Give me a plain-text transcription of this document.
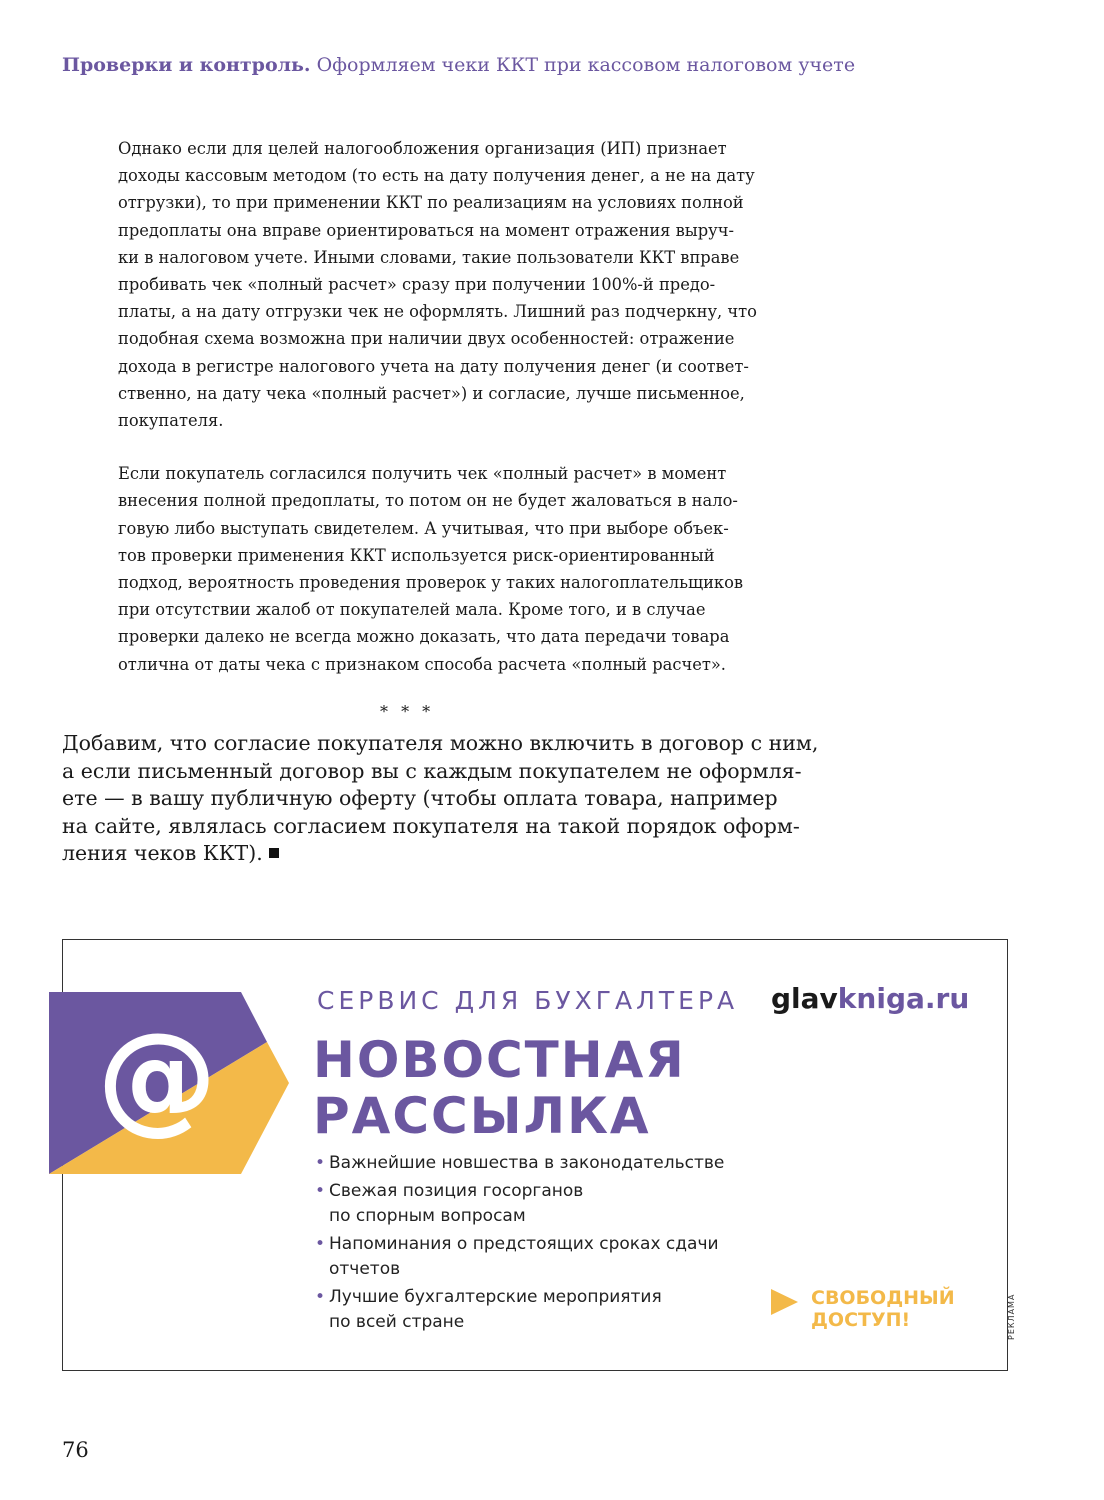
Проверки и контроль. Оформляем чеки ККТ при кассовом налоговом учете

Однако если для целей налогообложения организация (ИП) признает

доходы кассовым методом (то есть на дату получения денег, а не на дату

отгрузки), то при применении ККТ по реализациям на условиях полной

предоплаты она вправе ориентироваться на момент отражения выруч-

ки в налоговом учете. Иными словами, такие пользователи ККТ вправе

пробивать чек «полный расчет» сразу при получении 100%-й предо-

платы, а на дату отгрузки чек не оформлять. Лишний раз подчеркну, что

подобная схема возможна при наличии двух особенностей: отражение

дохода в регистре налогового учета на дату получения денег (и соответ-

ственно, на дату чека «полный расчет») и согласие, лучше письменное,

покупателя.

Если покупатель согласился получить чек «полный расчет» в момент

внесения полной предоплаты, то потом он не будет жаловаться в нало-

говую либо выступать свидетелем. А учитывая, что при выборе объек-

тов проверки применения ККТ используется риск-ориентированный

подход, вероятность проведения проверок у таких налогоплательщиков

при отсутствии жалоб от покупателей мала. Кроме того, и в случае

проверки далеко не всегда можно доказать, что дата передачи товара

отлична от даты чека с признаком способа расчета «полный расчет».

* * *

Добавим, что согласие покупателя можно включить в договор с ним,

а если письменный договор вы с каждым покупателем не оформля-

ете — в вашу публичную оферту (чтобы оплата товара, например

на сайте, являлась согласием покупателя на такой порядок оформ-

ления чеков ККТ).

@
СЕРВИС ДЛЯ БУХГАЛТЕРА glavkniga.ru
НОВОСТНАЯ
РАССЫЛКА
• Важнейшие новшества в законодательстве
• Свежая позиция госорганов по спорным вопросам
• Напоминания о предстоящих сроках сдачи отчетов
• Лучшие бухгалтерские мероприятия по всей стране
СВОБОДНЫЙ
ДОСТУП!	РЕКЛАМА
76
